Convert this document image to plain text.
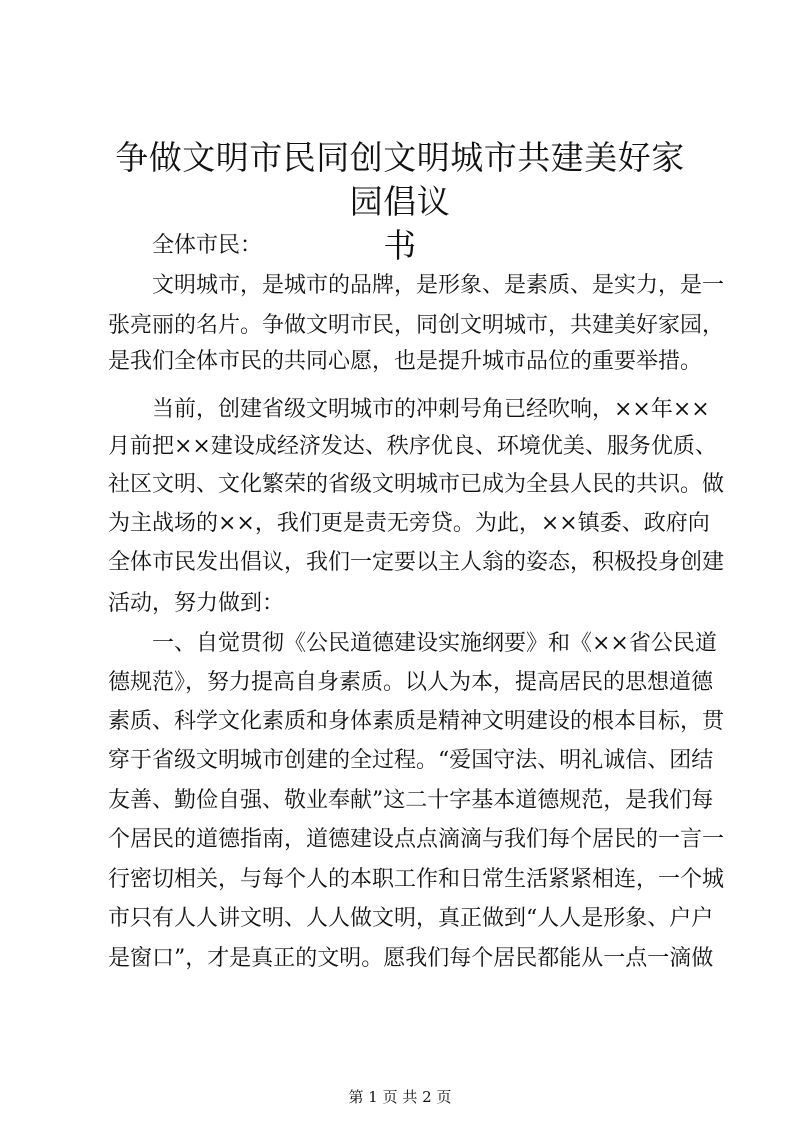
争做文明市民同创文明城市共建美好家园倡议
书
　　全体市民：
　　文明城市，是城市的品牌，是形象、是素质、是实力，是一
张亮丽的名片。争做文明市民，同创文明城市，共建美好家园，
是我们全体市民的共同心愿，也是提升城市品位的重要举措。
　　当前，创建省级文明城市的冲刺号角已经吹响，××年××
月前把××建设成经济发达、秩序优良、环境优美、服务优质、
社区文明、文化繁荣的省级文明城市已成为全县人民的共识。做
为主战场的××，我们更是责无旁贷。为此，××镇委、政府向
全体市民发出倡议，我们一定要以主人翁的姿态，积极投身创建
活动，努力做到：
　　一、自觉贯彻《公民道德建设实施纲要》和《××省公民道
德规范》，努力提高自身素质。以人为本，提高居民的思想道德
素质、科学文化素质和身体素质是精神文明建设的根本目标，贯
穿于省级文明城市创建的全过程。“爱国守法、明礼诚信、团结
友善、勤俭自强、敬业奉献”这二十字基本道德规范，是我们每
个居民的道德指南，道德建设点点滴滴与我们每个居民的一言一
行密切相关，与每个人的本职工作和日常生活紧紧相连，一个城
市只有人人讲文明、人人做文明，真正做到“人人是形象、户户
是窗口”，才是真正的文明。愿我们每个居民都能从一点一滴做
第 1 页 共 2 页
